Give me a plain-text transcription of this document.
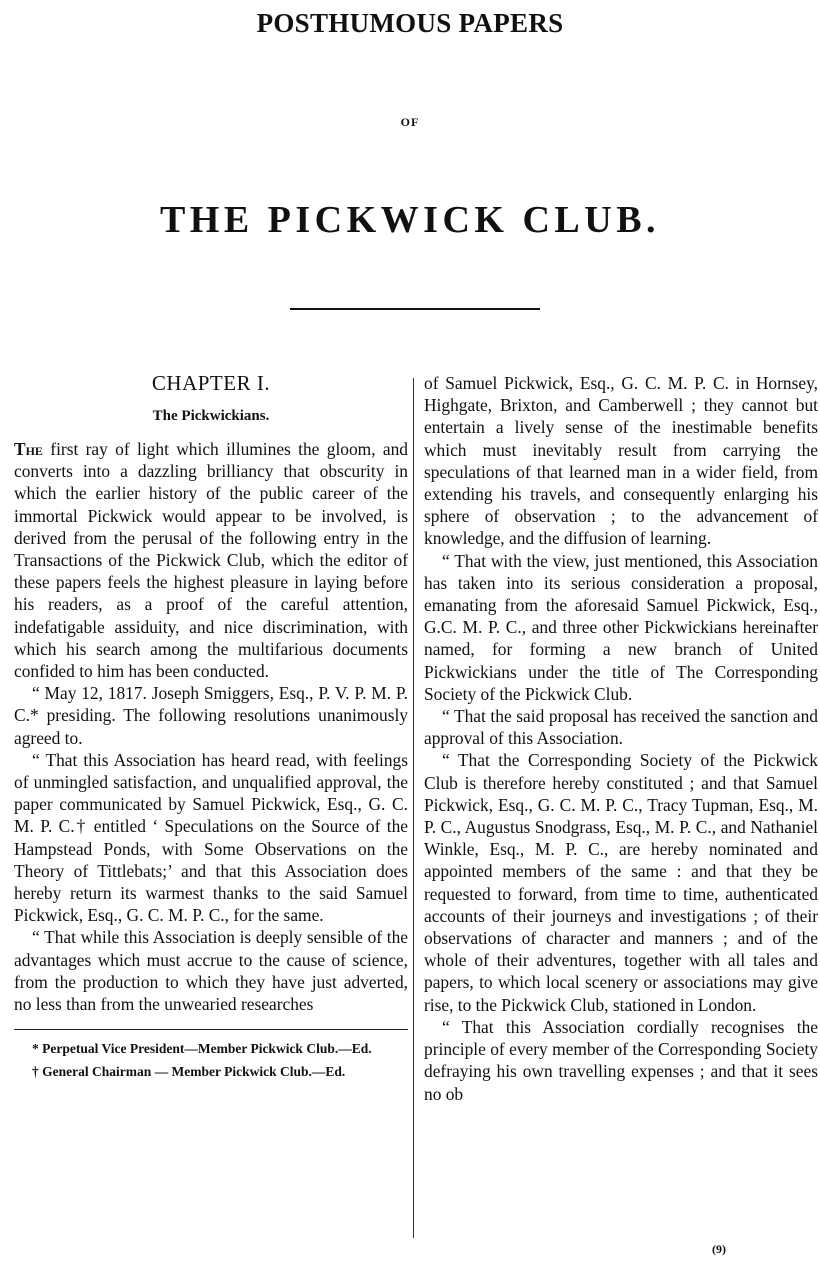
POSTHUMOUS PAPERS
OF
THE PICKWICK CLUB.
CHAPTER I.
The Pickwickians.

The first ray of light which illumines the gloom, and converts into a dazzling brilliancy that obscurity in which the earlier history of the public career of the immortal Pickwick would appear to be involved, is derived from the perusal of the following entry in the Transactions of the Pickwick Club, which the editor of these papers feels the highest pleasure in laying before his readers, as a proof of the careful attention, indefatigable assiduity, and nice discrimination, with which his search among the multifarious documents confided to him has been conducted.

“ May 12, 1817. Joseph Smiggers, Esq., P. V. P. M. P. C.* presiding. The following resolutions unanimously agreed to.

“ That this Association has heard read, with feelings of unmingled satisfaction, and unqualified approval, the paper communicated by Samuel Pickwick, Esq., G. C. M. P. C.† entitled ‘ Speculations on the Source of the Hampstead Ponds, with Some Observations on the Theory of Tittlebats;’ and that this Association does hereby return its warmest thanks to the said Samuel Pickwick, Esq., G. C. M. P. C., for the same.

“ That while this Association is deeply sensible of the advantages which must accrue to the cause of science, from the production to which they have just adverted, no less than from the unwearied researches

* Perpetual Vice President—Member Pickwick Club.—Ed.

† General Chairman — Member Pickwick Club.—Ed.

of Samuel Pickwick, Esq., G. C. M. P. C. in Hornsey, Highgate, Brixton, and Camberwell ; they cannot but entertain a lively sense of the inestimable benefits which must inevitably result from carrying the speculations of that learned man in a wider field, from extending his travels, and consequently enlarging his sphere of observation ; to the advancement of knowledge, and the diffusion of learning.

“ That with the view, just mentioned, this Association has taken into its serious consideration a proposal, emanating from the aforesaid Samuel Pickwick, Esq., G.C. M. P. C., and three other Pickwickians hereinafter named, for forming a new branch of United Pickwickians under the title of The Corresponding Society of the Pickwick Club.

“ That the said proposal has received the sanction and approval of this Association.

“ That the Corresponding Society of the Pickwick Club is therefore hereby constituted ; and that Samuel Pickwick, Esq., G. C. M. P. C., Tracy Tupman, Esq., M. P. C., Augustus Snodgrass, Esq., M. P. C., and Nathaniel Winkle, Esq., M. P. C., are hereby nominated and appointed members of the same : and that they be requested to forward, from time to time, authenticated accounts of their journeys and investigations ; of their observations of character and manners ; and of the whole of their adventures, together with all tales and papers, to which local scenery or associations may give rise, to the Pickwick Club, stationed in London.

“ That this Association cordially recognises the principle of every member of the Corresponding Society defraying his own travelling expenses ; and that it sees no ob

(9)
